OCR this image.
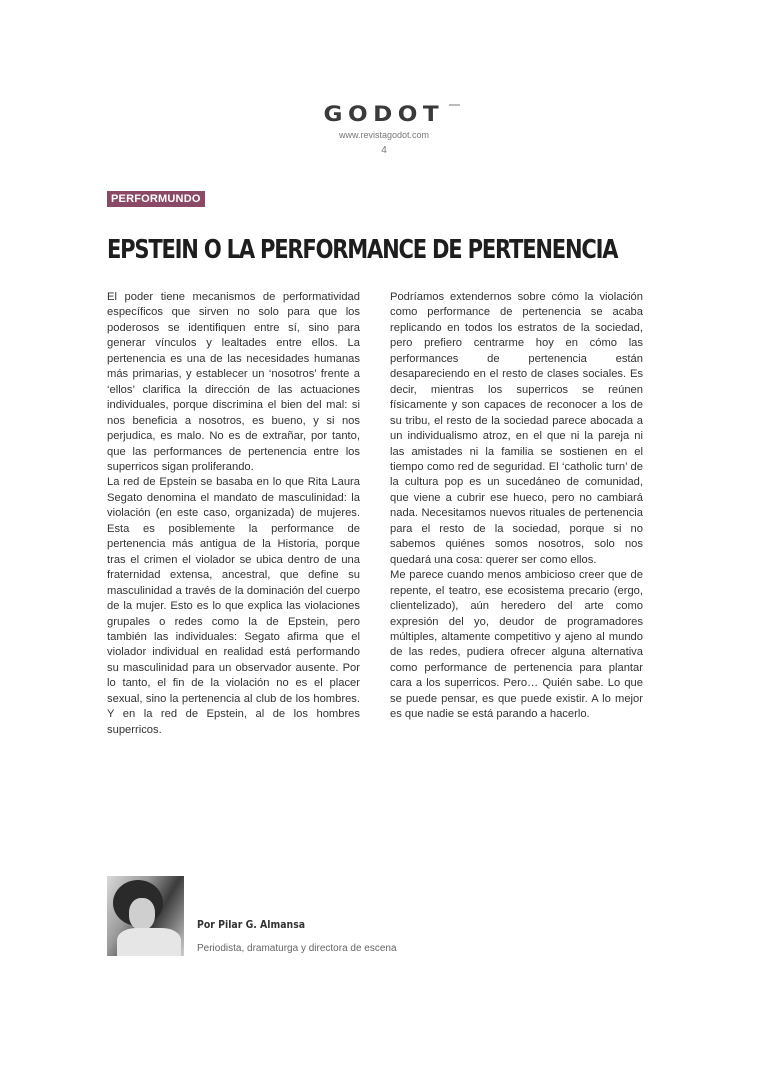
GODOT
www.revistagodot.com
4
PERFORMUNDO
EPSTEIN O LA PERFORMANCE DE PERTENENCIA

El poder tiene mecanismos de performatividad específicos que sirven no solo para que los poderosos se identifiquen entre sí, sino para generar vínculos y lealtades entre ellos. La pertenencia es una de las necesidades humanas más primarias, y establecer un ‘nosotros’ frente a ‘ellos’ clarifica la dirección de las actuaciones individuales, porque discrimina el bien del mal: si nos beneficia a nosotros, es bueno, y si nos perjudica, es malo. No es de extrañar, por tanto, que las performances de pertenencia entre los superricos sigan proliferando.

La red de Epstein se basaba en lo que Rita Laura Segato denomina el mandato de masculinidad: la violación (en este caso, organizada) de mujeres. Esta es posiblemente la performance de pertenencia más antigua de la Historia, porque tras el crimen el violador se ubica dentro de una fraternidad extensa, ancestral, que define su masculinidad a través de la dominación del cuerpo de la mujer. Esto es lo que explica las violaciones grupales o redes como la de Epstein, pero también las individuales: Segato afirma que el violador individual en realidad está performando su masculinidad para un observador ausente. Por lo tanto, el fin de la violación no es el placer sexual, sino la pertenencia al club de los hombres. Y en la red de Epstein, al de los hombres superricos.

Podríamos extendernos sobre cómo la violación como performance de pertenencia se acaba replicando en todos los estratos de la sociedad, pero prefiero centrarme hoy en cómo las performances de pertenencia están desapareciendo en el resto de clases sociales. Es decir, mientras los superricos se reúnen físicamente y son capaces de reconocer a los de su tribu, el resto de la sociedad parece abocada a un individualismo atroz, en el que ni la pareja ni las amistades ni la familia se sostienen en el tiempo como red de seguridad. El ‘catholic turn’ de la cultura pop es un sucedáneo de comunidad, que viene a cubrir ese hueco, pero no cambiará nada. Necesitamos nuevos rituales de pertenencia para el resto de la sociedad, porque si no sabemos quiénes somos nosotros, solo nos quedará una cosa: querer ser como ellos.

Me parece cuando menos ambicioso creer que de repente, el teatro, ese ecosistema precario (ergo, clientelizado), aún heredero del arte como expresión del yo, deudor de programadores múltiples, altamente competitivo y ajeno al mundo de las redes, pudiera ofrecer alguna alternativa como performance de pertenencia para plantar cara a los superricos. Pero… Quién sabe. Lo que se puede pensar, es que puede existir. A lo mejor es que nadie se está parando a hacerlo.

Por Pilar G. Almansa

Periodista, dramaturga y directora de escena
